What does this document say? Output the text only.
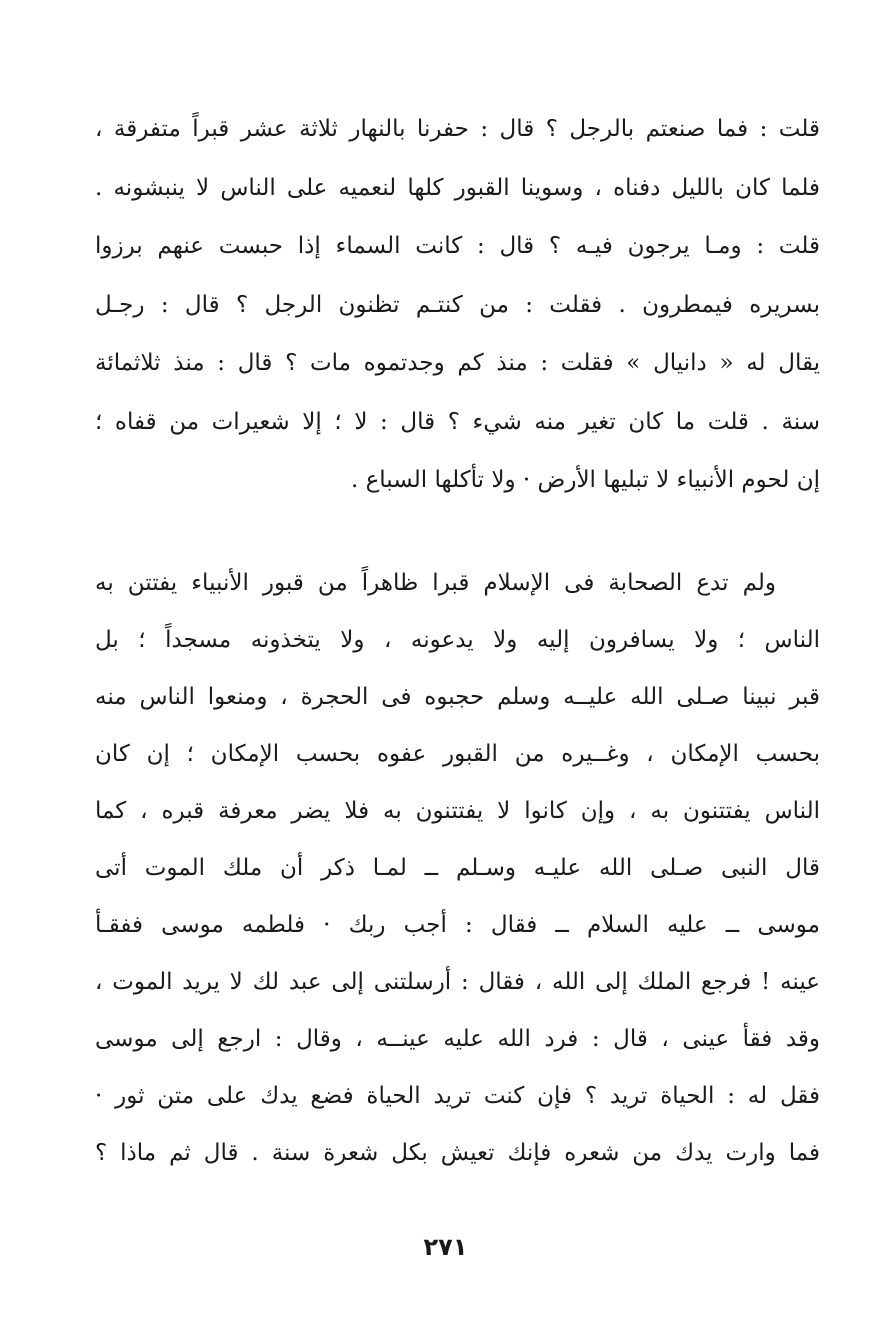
قلت : فما صنعتم بالرجل ؟ قال : حفرنا بالنهار ثلاثة عشر قبراً متفرقة ،
فلما كان بالليل دفناه ، وسوينا القبور كلها لنعميه على الناس لا ينبشونه .
قلت : ومـا يرجون فيـه ؟ قال : كانت السماء إذا حبست عنهم برزوا
بسريره فيمطرون . فقلت : من كنتـم تظنون الرجل ؟ قال : رجـل
يقال له « دانيال » فقلت : منذ كم وجدتموه مات ؟ قال : منذ ثلاثمائة
سنة . قلت ما كان تغير منه شيء ؟ قال : لا ؛ إلا شعيرات من قفاه ؛
إن لحوم الأنبياء لا تبليها الأرض · ولا تأكلها السباع .
ولم تدع الصحابة فى الإسلام قبرا ظاهراً من قبور الأنبياء يفتتن به
الناس ؛ ولا يسافرون إليه ولا يدعونه ، ولا يتخذونه مسجداً ؛ بل
قبر نبينا صـلى الله عليــه وسلم حجبوه فى الحجرة ، ومنعوا الناس منه
بحسب الإمكان ، وغــيره من القبور عفوه بحسب الإمكان ؛ إن كان
الناس يفتتنون به ، وإن كانوا لا يفتتنون به فلا يضر معرفة قبره ، كما
قال النبى صـلى الله عليـه وسـلم ــ لمـا ذكر أن ملك الموت أتى
موسى ــ عليه السلام ــ فقال : أجب ربك · فلطمه موسى ففقـأ
عينه ! فرجع الملك إلى الله ، فقال : أرسلتنى إلى عبد لك لا يريد الموت ،
وقد فقأ عينى ، قال : فرد الله عليه عينــه ، وقال : ارجع إلى موسى
فقل له : الحياة تريد ؟ فإن كنت تريد الحياة فضع يدك على متن ثور ·
فما وارت يدك من شعره فإنك تعيش بكل شعرة سنة . قال ثم ماذا ؟
٢٧١
